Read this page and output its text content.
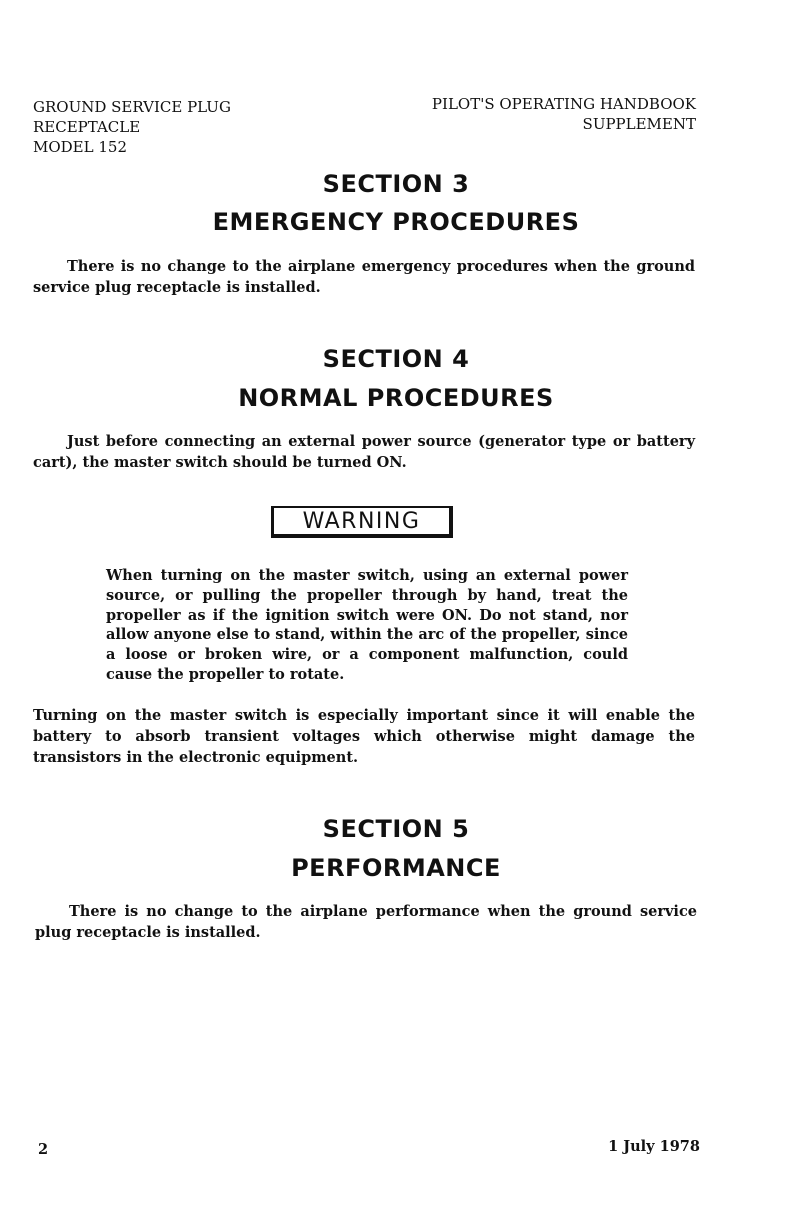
GROUND SERVICE PLUG
RECEPTACLE
MODEL 152
PILOT'S OPERATING HANDBOOK
SUPPLEMENT
SECTION 3
EMERGENCY PROCEDURES
There is no change to the airplane emergency procedures when the ground service plug receptacle is installed.
SECTION 4
NORMAL PROCEDURES
Just before connecting an external power source (generator type or battery cart), the master switch should be turned ON.
WARNING
When turning on the master switch, using an external power source, or pulling the propeller through by hand, treat the propeller as if the ignition switch were ON. Do not stand, nor allow anyone else to stand, within the arc of the propeller, since a loose or broken wire, or a component malfunction, could cause the propeller to rotate.
Turning on the master switch is especially important since it will enable the battery to absorb transient voltages which otherwise might damage the transistors in the electronic equipment.
SECTION 5
PERFORMANCE
There is no change to the airplane performance when the ground service plug receptacle is installed.
2	1 July 1978
